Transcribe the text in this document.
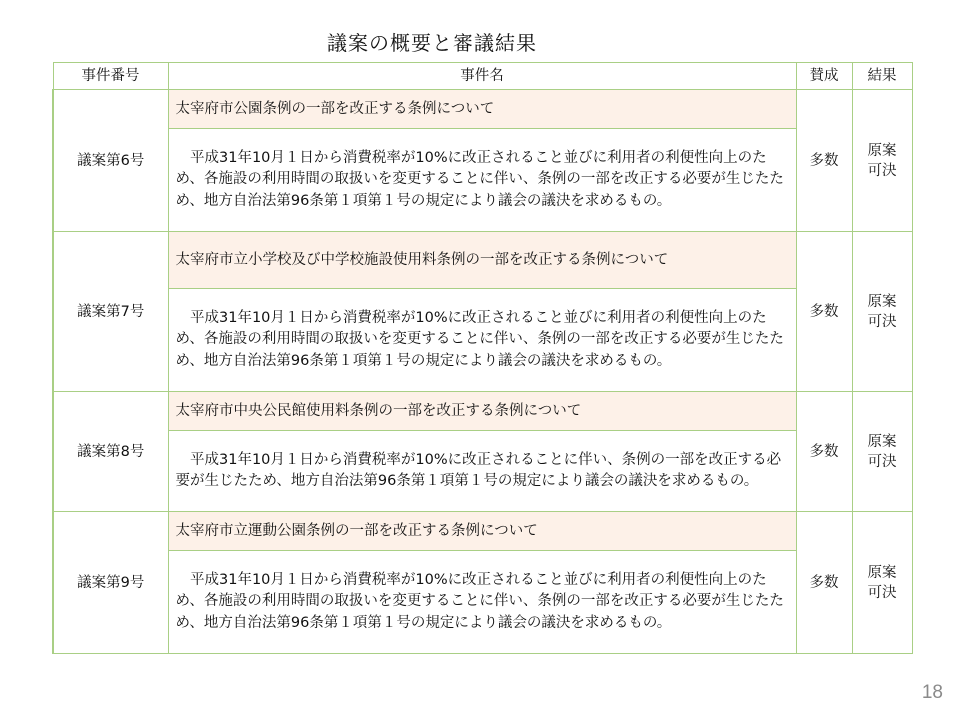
議案の概要と審議結果
事件番号	事件名	賛成	結果
議案第6号	太宰府市公園条例の一部を改正する条例について	多数	原案可決
	　平成31年10月１日から消費税率が10%に改正されること並びに利用者の利便性向上のため、各施設の利用時間の取扱いを変更することに伴い、条例の一部を改正する必要が生じたため、地方自治法第96条第１項第１号の規定により議会の議決を求めるもの。		
議案第7号	太宰府市立小学校及び中学校施設使用料条例の一部を改正する条例について	多数	原案可決
	　平成31年10月１日から消費税率が10%に改正されること並びに利用者の利便性向上のため、各施設の利用時間の取扱いを変更することに伴い、条例の一部を改正する必要が生じたため、地方自治法第96条第１項第１号の規定により議会の議決を求めるもの。		
議案第8号	太宰府市中央公民館使用料条例の一部を改正する条例について	多数	原案可決
	　平成31年10月１日から消費税率が10%に改正されることに伴い、条例の一部を改正する必要が生じたため、地方自治法第96条第１項第１号の規定により議会の議決を求めるもの。		
議案第9号	太宰府市立運動公園条例の一部を改正する条例について	多数	原案可決
	　平成31年10月１日から消費税率が10%に改正されること並びに利用者の利便性向上のため、各施設の利用時間の取扱いを変更することに伴い、条例の一部を改正する必要が生じたため、地方自治法第96条第１項第１号の規定により議会の議決を求めるもの。		
18
